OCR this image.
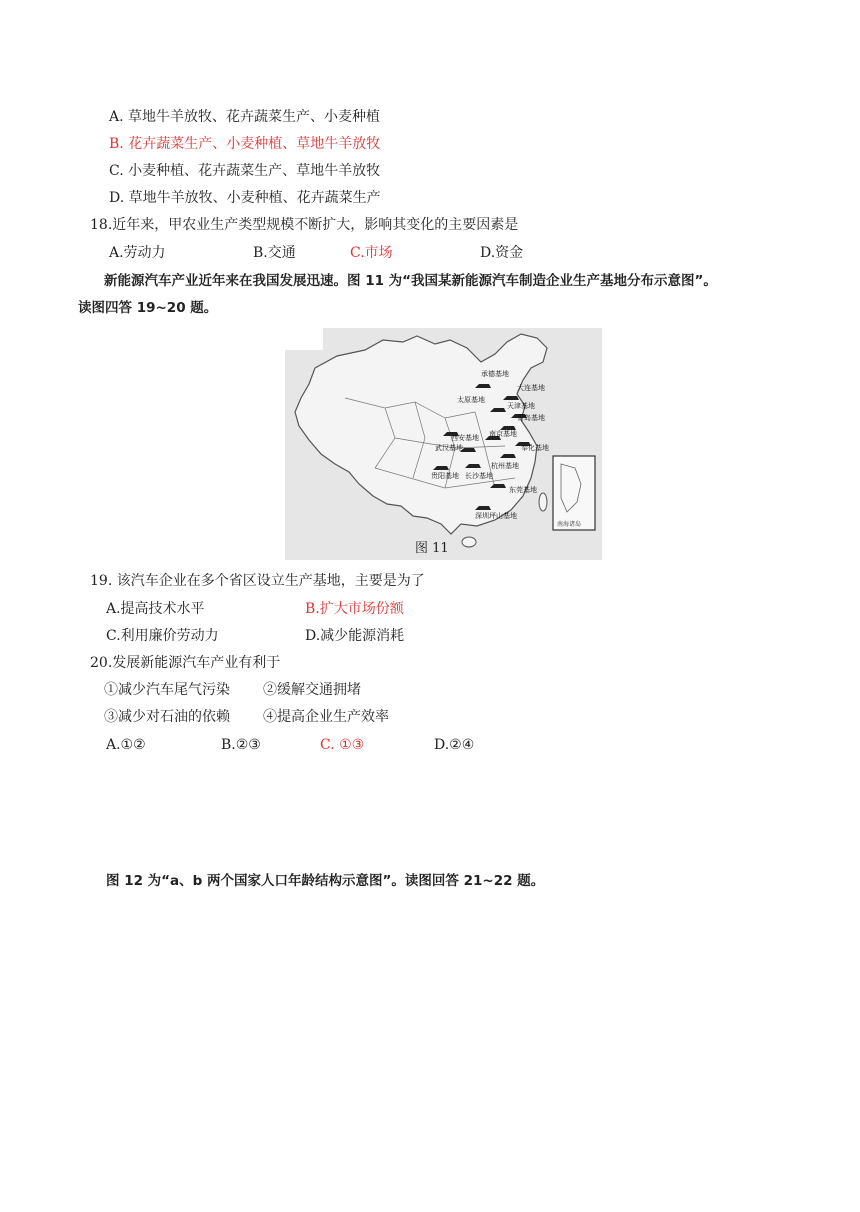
A. 草地牛羊放牧、花卉蔬菜生产、小麦种植
B. 花卉蔬菜生产、小麦种植、草地牛羊放牧
C. 小麦种植、花卉蔬菜生产、草地牛羊放牧
D. 草地牛羊放牧、小麦种植、花卉蔬菜生产
18.近年来，甲农业生产类型规模不断扩大，影响其变化的主要因素是
A.劳动力	B.交通	C.市场	D.资金
新能源汽车产业近年来在我国发展迅速。图 11 为“我国某新能源汽车制造企业生产基地分布示意图”。
读图四答 19~20 题。
南海诸岛
承德基地
大连基地
太原基地
天津基地
青岛基地
西安基地 南京基地
奉化基地
武汉基地
杭州基地
贵阳基地 长沙基地
东莞基地
深圳坪山基地
图 11
19. 该汽车企业在多个省区设立生产基地，主要是为了
A.提高技术水平	B.扩大市场份额
C.利用廉价劳动力	D.减少能源消耗
20.发展新能源汽车产业有利于
①减少汽车尾气污染 ②缓解交通拥堵
③减少对石油的依赖 ④提高企业生产效率
A.①②	B.②③	C. ①③	D.②④
图 12 为“a、b 两个国家人口年龄结构示意图”。读图回答 21~22 题。
